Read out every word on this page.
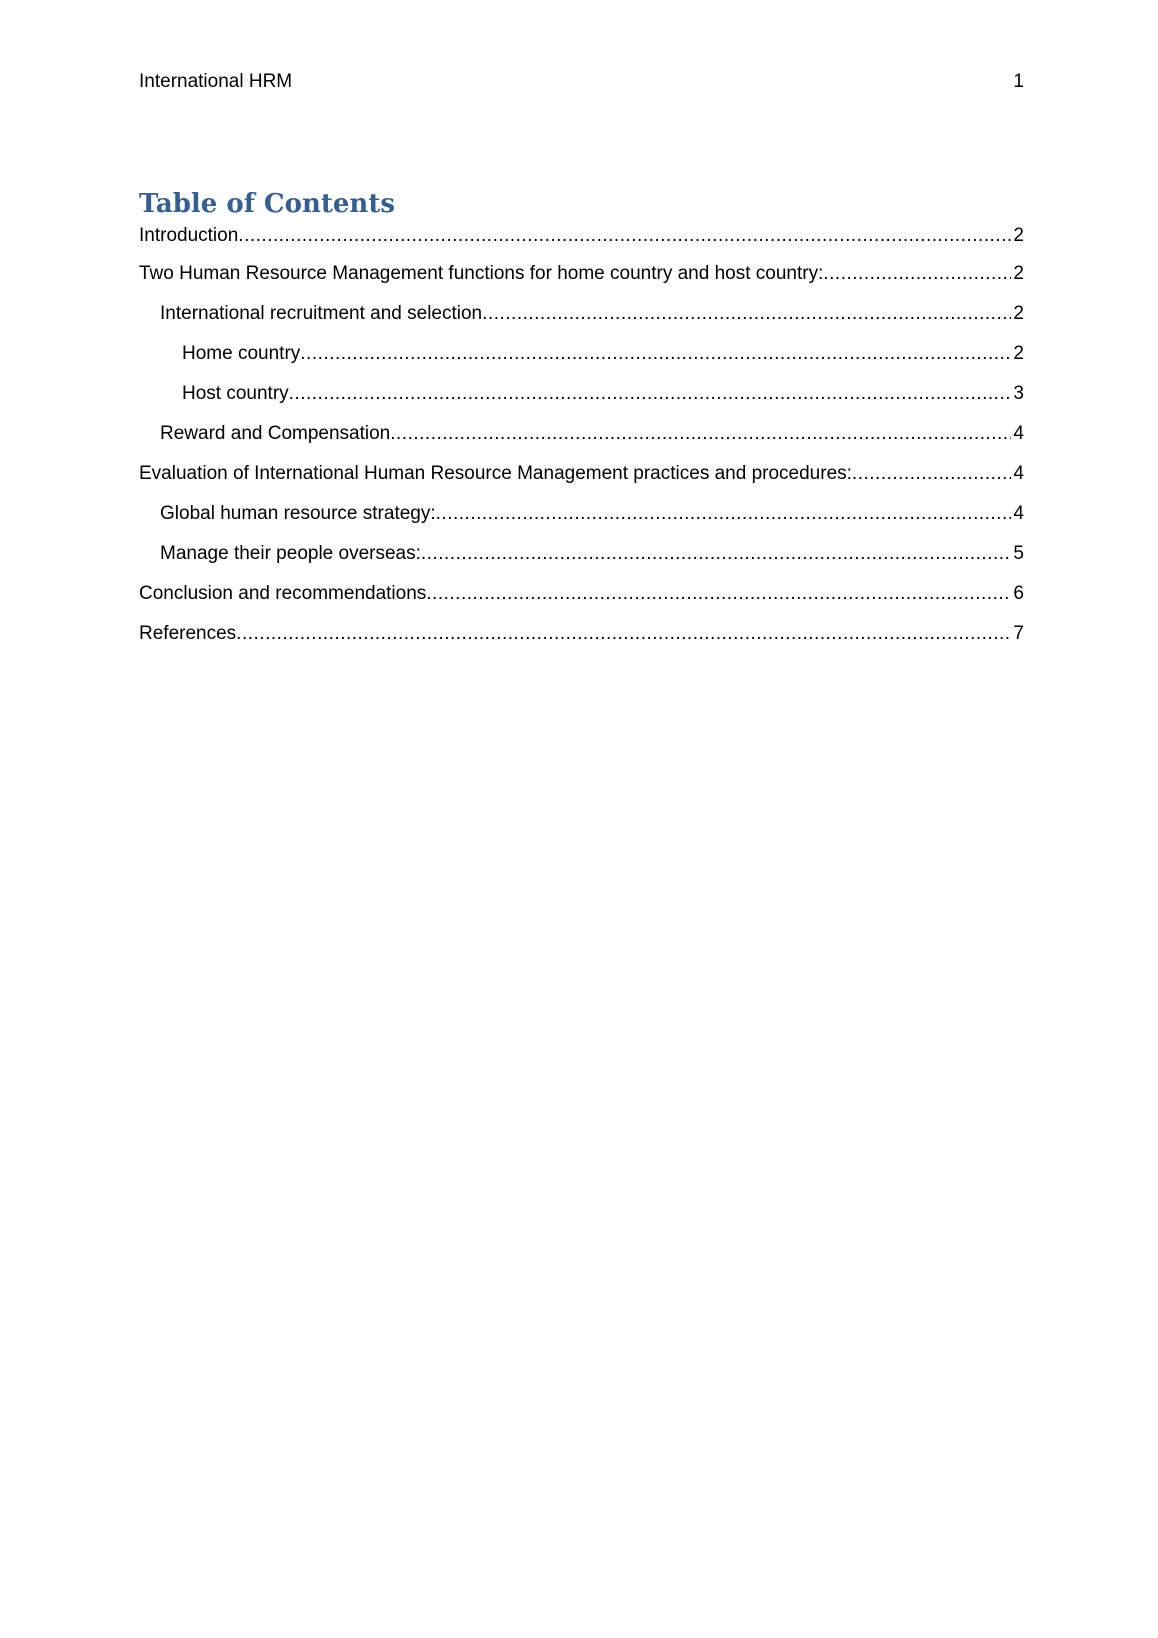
International HRM	1
Table of Contents
Introduction .....	2
Two Human Resource Management functions for home country and host country: .....	2
International recruitment and selection .....	2
Home country .....	2
Host country .....	3
Reward and Compensation .....	4
Evaluation of International Human Resource Management practices and procedures: .....	4
Global human resource strategy: .....	4
Manage their people overseas: .....	5
Conclusion and recommendations .....	6
References .....	7
